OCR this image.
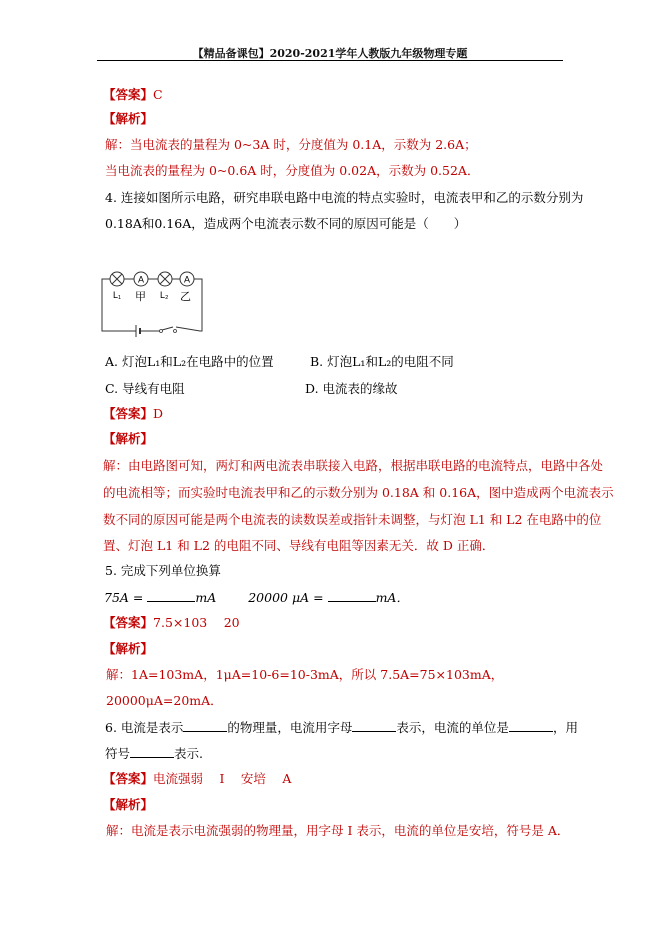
【精品备课包】2020-2021学年人教版九年级物理专题
【答案】C
【解析】
解：当电流表的量程为 0~3A 时，分度值为 0.1A，示数为 2.6A；
当电流表的量程为 0~0.6A 时，分度值为 0.02A，示数为 0.52A．
4. 连接如图所示电路，研究串联电路中电流的特点实验时，电流表甲和乙的示数分别为
0.18A和0.16A，造成两个电流表示数不同的原因可能是（　　）
A	A
L₁ 甲 L₂ 乙
A. 灯泡L₁和L₂在电路中的位置	B. 灯泡L₁和L₂的电阻不同
C. 导线有电阻	D. 电流表的缘故
【答案】D
【解析】
解：由电路图可知，两灯和两电流表串联接入电路，根据串联电路的电流特点，电路中各处
的电流相等；而实验时电流表甲和乙的示数分别为 0.18A 和 0.16A，图中造成两个电流表示
数不同的原因可能是两个电流表的读数误差或指针未调整，与灯泡 L1 和 L2 在电路中的位
置、灯泡 L1 和 L2 的电阻不同、导线有电阻等因素无关．故 D 正确．
5. 完成下列单位换算
75A =	mA	20000 μA =	mA．
【答案】7.5×103　 20
【解析】
解：1A=103mA，1μA=10-6=10-3mA，所以 7.5A=75×103mA，
20000μA=20mA．
6. 电流是表示	的物理量，电流用字母	表示，电流的单位是	，用
符号	表示.
【答案】电流强弱　 I　 安培　 A
【解析】
解：电流是表示电流强弱的物理量，用字母 I 表示，电流的单位是安培，符号是 A．
